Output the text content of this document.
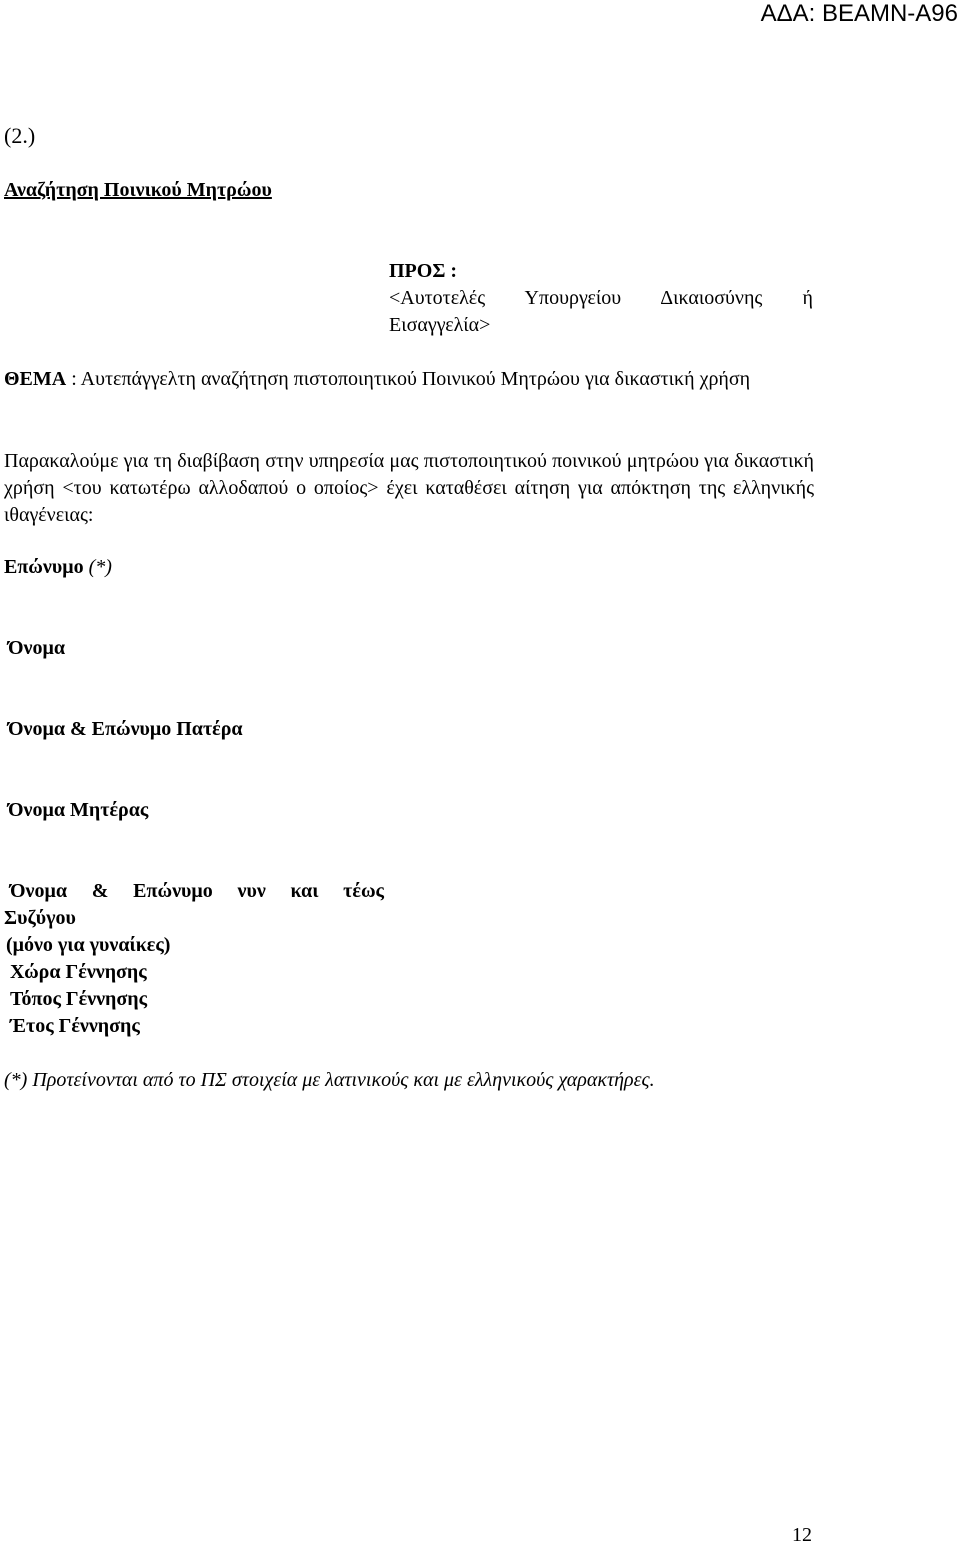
ΑΔΑ: ΒΕΑΜΝ-Α96
(2.)
Αναζήτηση Ποινικού Μητρώου
ΠΡΟΣ :
<Αυτοτελές Υπουργείου Δικαιοσύνης ή Εισαγγελία>
ΘΕΜΑ : Αυτεπάγγελτη αναζήτηση πιστοποιητικού Ποινικού Μητρώου για δικαστική χρήση
Παρακαλούμε για τη διαβίβαση στην υπηρεσία μας πιστοποιητικού ποινικού μητρώου για δικαστική χρήση <του κατωτέρω αλλοδαπού ο οποίος> έχει καταθέσει αίτηση για απόκτηση της ελληνικής ιθαγένειας:
Επώνυμο (*)
Όνομα
Όνομα & Επώνυμο Πατέρα
Όνομα Μητέρας
Όνομα & Επώνυμο νυν και τέως
Συζύγου
(μόνο για γυναίκες)
Χώρα Γέννησης
Τόπος Γέννησης
Έτος Γέννησης
(*) Προτείνονται από το ΠΣ στοιχεία με λατινικούς και με ελληνικούς χαρακτήρες.
12
